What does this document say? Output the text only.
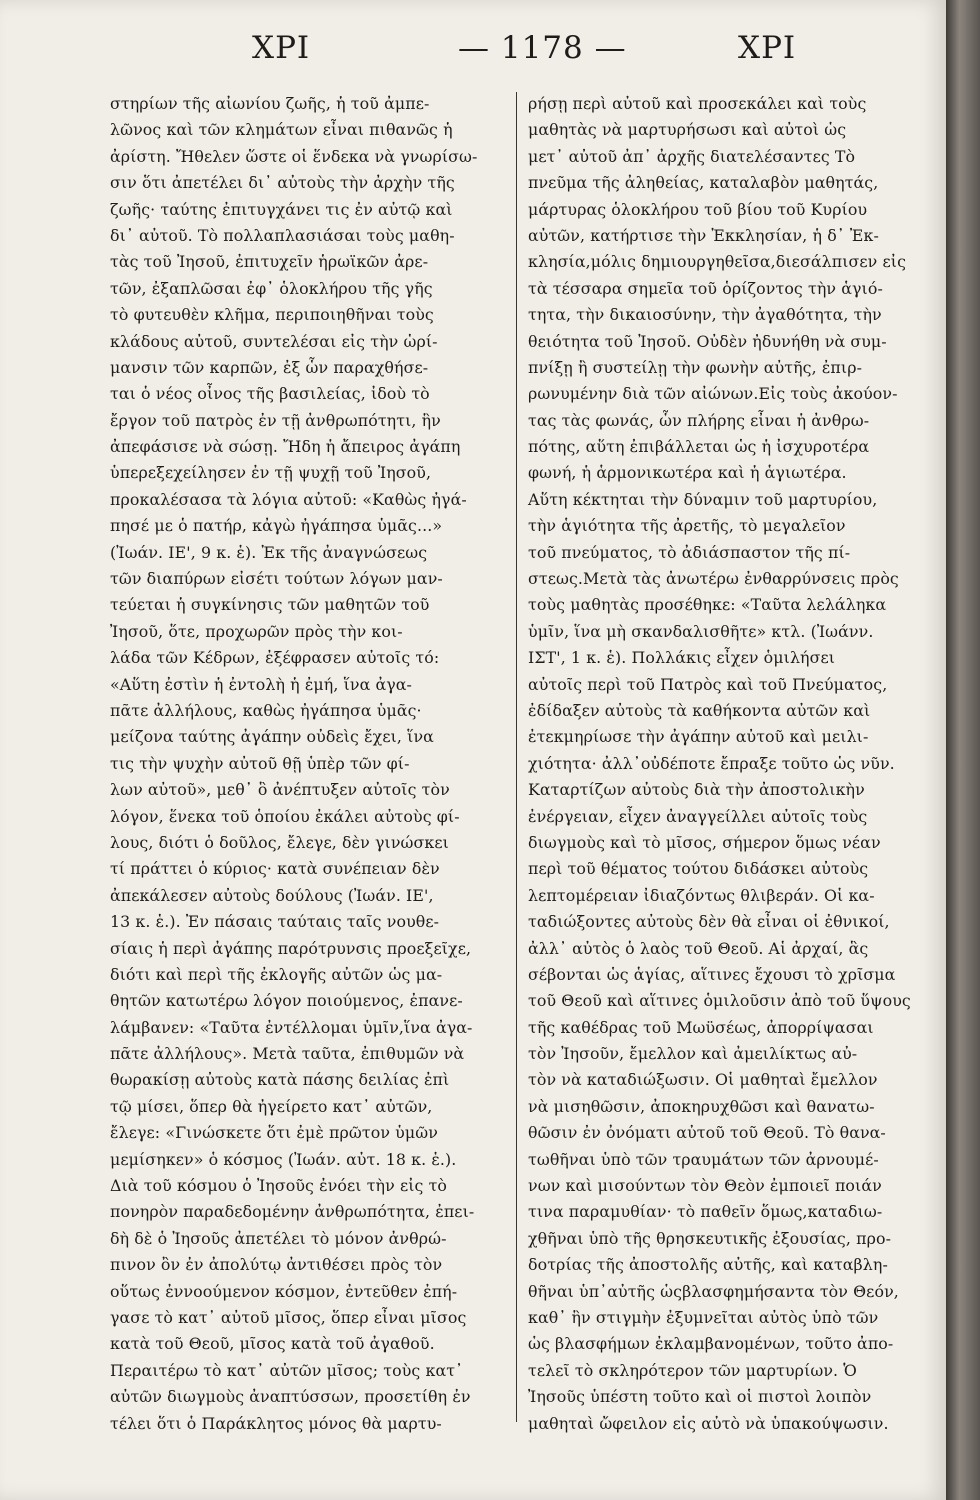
ΧΡΙ	— 1178 —	ΧΡΙ
στηρίων τῆς αἰωνίου ζωῆς, ἡ τοῦ ἀμπε-
λῶνος καὶ τῶν κλημάτων εἶναι πιθανῶς ἡ
ἀρίστη. Ἤθελεν ὥστε οἱ ἕνδεκα νὰ γνωρίσω-
σιν ὅτι ἀπετέλει δι᾽ αὐτοὺς τὴν ἀρχὴν τῆς
ζωῆς· ταύτης ἐπιτυγχάνει τις ἐν αὐτῷ καὶ
δι᾽ αὐτοῦ. Τὸ πολλαπλασιάσαι τοὺς μαθη-
τὰς τοῦ Ἰησοῦ, ἐπιτυχεῖν ἡρωϊκῶν ἀρε-
τῶν, ἐξαπλῶσαι ἐφ᾽ ὁλοκλήρου τῆς γῆς
τὸ φυτευθὲν κλῆμα, περιποιηθῆναι τοὺς
κλάδους αὐτοῦ, συντελέσαι εἰς τὴν ὡρί-
μανσιν τῶν καρπῶν, ἐξ ὧν παραχθήσε-
ται ὁ νέος οἶνος τῆς βασιλείας, ἰδοὺ τὸ
ἔργον τοῦ πατρὸς ἐν τῇ ἀνθρωπότητι, ἣν
ἀπεφάσισε νὰ σώσῃ. Ἤδη ἡ ἄπειρος ἀγάπη
ὑπερεξεχείλησεν ἐν τῇ ψυχῇ τοῦ Ἰησοῦ,
προκαλέσασα τὰ λόγια αὐτοῦ: «Καθὼς ἠγά-
πησέ με ὁ πατήρ, κἀγὼ ἠγάπησα ὑμᾶς...»
(Ἰωάν. ΙΕ', 9 κ. ἑ). Ἐκ τῆς ἀναγνώσεως
τῶν διαπύρων εἰσέτι τούτων λόγων μαν-
τεύεται ἡ συγκίνησις τῶν μαθητῶν τοῦ
Ἰησοῦ, ὅτε, προχωρῶν πρὸς τὴν κοι-
λάδα τῶν Κέδρων, ἐξέφρασεν αὐτοῖς τό:
«Αὕτη ἐστὶν ἡ ἐντολὴ ἡ ἐμή, ἵνα ἀγα-
πᾶτε ἀλλήλους, καθὼς ἠγάπησα ὑμᾶς·
μείζονα ταύτης ἀγάπην οὐδεὶς ἔχει, ἵνα
τις τὴν ψυχὴν αὐτοῦ θῇ ὑπὲρ τῶν φί-
λων αὐτοῦ», μεθ᾽ ὃ ἀνέπτυξεν αὐτοῖς τὸν
λόγον, ἕνεκα τοῦ ὁποίου ἐκάλει αὐτοὺς φί-
λους, διότι ὁ δοῦλος, ἔλεγε, δὲν γινώσκει
τί πράττει ὁ κύριος· κατὰ συνέπειαν δὲν
ἀπεκάλεσεν αὐτοὺς δούλους (Ἰωάν. ΙΕ',
13 κ. ἑ.). Ἐν πάσαις ταύταις ταῖς νουθε-
σίαις ἡ περὶ ἀγάπης παρότρυνσις προεξεῖχε,
διότι καὶ περὶ τῆς ἐκλογῆς αὐτῶν ὡς μα-
θητῶν κατωτέρω λόγον ποιούμενος, ἐπανε-
λάμβανεν: «Ταῦτα ἐντέλλομαι ὑμῖν,ἵνα ἀγα-
πᾶτε ἀλλήλους». Μετὰ ταῦτα, ἐπιθυμῶν νὰ
θωρακίσῃ αὐτοὺς κατὰ πάσης δειλίας ἐπὶ
τῷ μίσει, ὅπερ θὰ ἠγείρετο κατ᾽ αὐτῶν,
ἔλεγε: «Γινώσκετε ὅτι ἐμὲ πρῶτον ὑμῶν
μεμίσηκεν» ὁ κόσμος (Ἰωάν. αὐτ. 18 κ. ἑ.).
Διὰ τοῦ κόσμου ὁ Ἰησοῦς ἐνόει τὴν εἰς τὸ
πονηρὸν παραδεδομένην ἀνθρωπότητα, ἐπει-
δὴ δὲ ὁ Ἰησοῦς ἀπετέλει τὸ μόνον ἀνθρώ-
πινον ὂν ἐν ἀπολύτῳ ἀντιθέσει πρὸς τὸν
οὕτως ἐννοούμενον κόσμον, ἐντεῦθεν ἐπή-
γασε τὸ κατ᾽ αὐτοῦ μῖσος, ὅπερ εἶναι μῖσος
κατὰ τοῦ Θεοῦ, μῖσος κατὰ τοῦ ἀγαθοῦ.
Περαιτέρω τὸ κατ᾽ αὐτῶν μῖσος; τοὺς κατ᾽
αὐτῶν διωγμοὺς ἀναπτύσσων, προσετίθη ἐν
τέλει ὅτι ὁ Παράκλητος μόνος θὰ μαρτυ-
ρήσῃ περὶ αὐτοῦ καὶ προσεκάλει καὶ τοὺς
μαθητὰς νὰ μαρτυρήσωσι καὶ αὐτοὶ ὡς
μετ᾽ αὐτοῦ ἀπ᾽ ἀρχῆς διατελέσαντες Τὸ
πνεῦμα τῆς ἀληθείας, καταλαβὸν μαθητάς,
μάρτυρας ὁλοκλήρου τοῦ βίου τοῦ Κυρίου
αὐτῶν, κατήρτισε τὴν Ἐκκλησίαν, ἡ δ᾽ Ἐκ-
κλησία,μόλις δημιουργηθεῖσα,διεσάλπισεν εἰς
τὰ τέσσαρα σημεῖα τοῦ ὁρίζοντος τὴν ἁγιό-
τητα, τὴν δικαιοσύνην, τὴν ἀγαθότητα, τὴν
θειότητα τοῦ Ἰησοῦ. Οὐδὲν ἠδυνήθη νὰ συμ-
πνίξῃ ἢ συστείλῃ τὴν φωνὴν αὐτῆς, ἐπιρ-
ρωνυμένην διὰ τῶν αἰώνων.Εἰς τοὺς ἀκούον-
τας τὰς φωνάς, ὧν πλήρης εἶναι ἡ ἀνθρω-
πότης, αὕτη ἐπιβάλλεται ὡς ἡ ἰσχυροτέρα
φωνή, ἡ ἁρμονικωτέρα καὶ ἡ ἁγιωτέρα.
Αὕτη κέκτηται τὴν δύναμιν τοῦ μαρτυρίου,
τὴν ἁγιότητα τῆς ἀρετῆς, τὸ μεγαλεῖον
τοῦ πνεύματος, τὸ ἀδιάσπαστον τῆς πί-
στεως.Μετὰ τὰς ἀνωτέρω ἐνθαρρύνσεις πρὸς
τοὺς μαθητὰς προσέθηκε: «Ταῦτα λελάληκα
ὑμῖν, ἵνα μὴ σκανδαλισθῆτε» κτλ. (Ἰωάνν.
ΙΣΤ', 1 κ. ἑ). Πολλάκις εἶχεν ὁμιλήσει
αὐτοῖς περὶ τοῦ Πατρὸς καὶ τοῦ Πνεύματος,
ἐδίδαξεν αὐτοὺς τὰ καθήκοντα αὐτῶν καὶ
ἐτεκμηρίωσε τὴν ἀγάπην αὐτοῦ καὶ μειλι-
χιότητα· ἀλλ᾽οὐδέποτε ἔπραξε τοῦτο ὡς νῦν.
Καταρτίζων αὐτοὺς διὰ τὴν ἀποστολικὴν
ἐνέργειαν, εἶχεν ἀναγγείλλει αὐτοῖς τοὺς
διωγμοὺς καὶ τὸ μῖσος, σήμερον ὅμως νέαν
περὶ τοῦ θέματος τούτου διδάσκει αὐτοὺς
λεπτομέρειαν ἰδιαζόντως θλιβεράν. Οἱ κα-
ταδιώξοντες αὐτοὺς δὲν θὰ εἶναι οἱ ἐθνικοί,
ἀλλ᾽ αὐτὸς ὁ λαὸς τοῦ Θεοῦ. Αἱ ἀρχαί, ἃς
σέβονται ὡς ἁγίας, αἵτινες ἔχουσι τὸ χρῖσμα
τοῦ Θεοῦ καὶ αἵτινες ὁμιλοῦσιν ἀπὸ τοῦ ὕψους
τῆς καθέδρας τοῦ Μωϋσέως, ἀπορρίψασαι
τὸν Ἰησοῦν, ἔμελλον καὶ ἀμειλίκτως αὐ-
τὸν νὰ καταδιώξωσιν. Οἱ μαθηταὶ ἔμελλον
νὰ μισηθῶσιν, ἀποκηρυχθῶσι καὶ θανατω-
θῶσιν ἐν ὀνόματι αὐτοῦ τοῦ Θεοῦ. Τὸ θανα-
τωθῆναι ὑπὸ τῶν τραυμάτων τῶν ἀρνουμέ-
νων καὶ μισούντων τὸν Θεὸν ἐμποιεῖ ποιάν
τινα παραμυθίαν· τὸ παθεῖν ὅμως,καταδιω-
χθῆναι ὑπὸ τῆς θρησκευτικῆς ἐξουσίας, προ-
δοτρίας τῆς ἀποστολῆς αὐτῆς, καὶ καταβλη-
θῆναι ὑπ᾽αὐτῆς ὡςβλασφημήσαντα τὸν Θεόν,
καθ᾽ ἣν στιγμὴν ἐξυμνεῖται αὐτὸς ὑπὸ τῶν
ὡς βλασφήμων ἐκλαμβανομένων, τοῦτο ἀπο-
τελεῖ τὸ σκληρότερον τῶν μαρτυρίων. Ὁ
Ἰησοῦς ὑπέστη τοῦτο καὶ οἱ πιστοὶ λοιπὸν
μαθηταὶ ὤφειλον εἰς αὐτὸ νὰ ὑπακούψωσιν.
